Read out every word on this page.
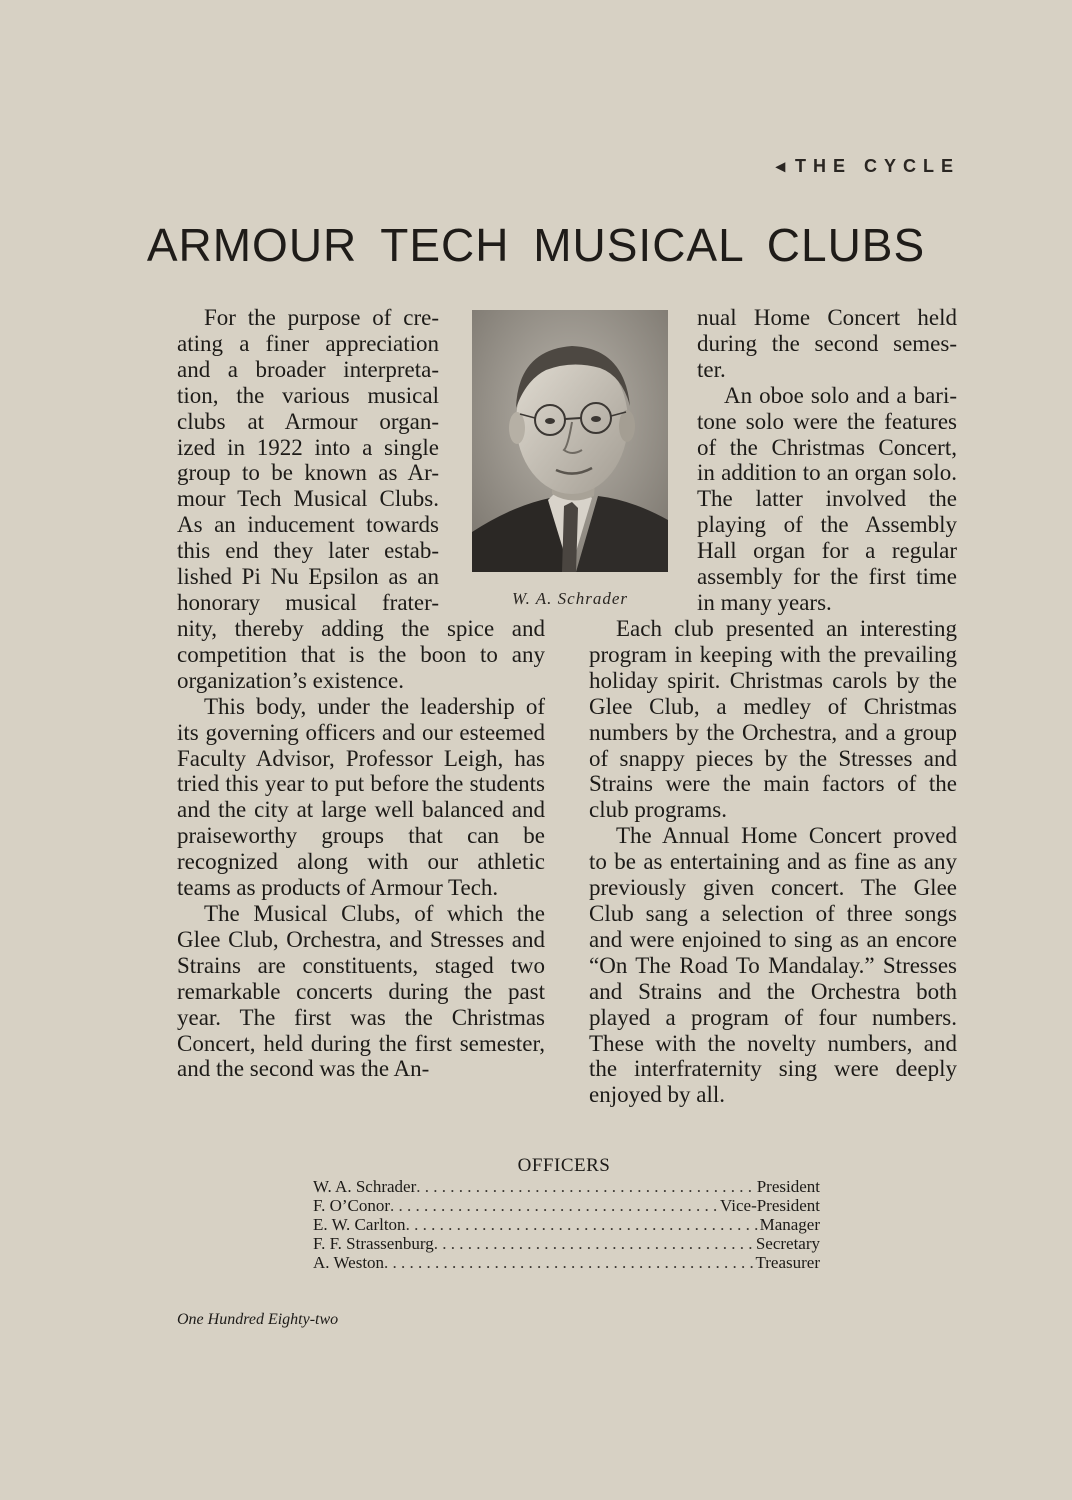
◂ THE CYCLE
ARMOUR TECH MUSICAL CLUBS
For the purpose of cre-
ating a finer appreciation
and a broader interpreta-
tion, the various musical
clubs at Armour organ-
ized in 1922 into a single
group to be known as Ar-
mour Tech Musical Clubs.
As an inducement towards
this end they later estab-
lished Pi Nu Epsilon as an
honorary musical frater-	W. A. Schrader
nual Home Concert held
during the second semes-
ter.
An oboe solo and a bari-
tone solo were the features
of the Christmas Concert,
in addition to an organ solo.
The latter involved the
playing of the Assembly
Hall organ for a regular
assembly for the first time
in many years.

nity, thereby adding the spice and competition that is the boon to any organization’s existence.

This body, under the leadership of its governing officers and our esteemed Faculty Advisor, Professor Leigh, has tried this year to put before the students and the city at large well balanced and praiseworthy groups that can be recognized along with our athletic teams as products of Armour Tech.

The Musical Clubs, of which the Glee Club, Orchestra, and Stresses and Strains are constituents, staged two remarkable concerts during the past year. The first was the Christmas Concert, held during the first semester, and the second was the An-

Each club presented an interesting program in keeping with the prevailing holiday spirit. Christmas carols by the Glee Club, a medley of Christmas numbers by the Orchestra, and a group of snappy pieces by the Stresses and Strains were the main factors of the club programs.

The Annual Home Concert proved to be as entertaining and as fine as any previously given concert. The Glee Club sang a selection of three songs and were enjoined to sing as an encore “On The Road To Mandalay.” Stresses and Strains and the Orchestra both played a program of four numbers. These with the novelty numbers, and the interfraternity sing were deeply enjoyed by all.

OFFICERS
W. A. Schrader . . .	President
F. O’Conor . . .	Vice-President
E. W. Carlton . . .	Manager
F. F. Strassenburg . . .	Secretary
A. Weston . . .	Treasurer
One Hundred Eighty-two
